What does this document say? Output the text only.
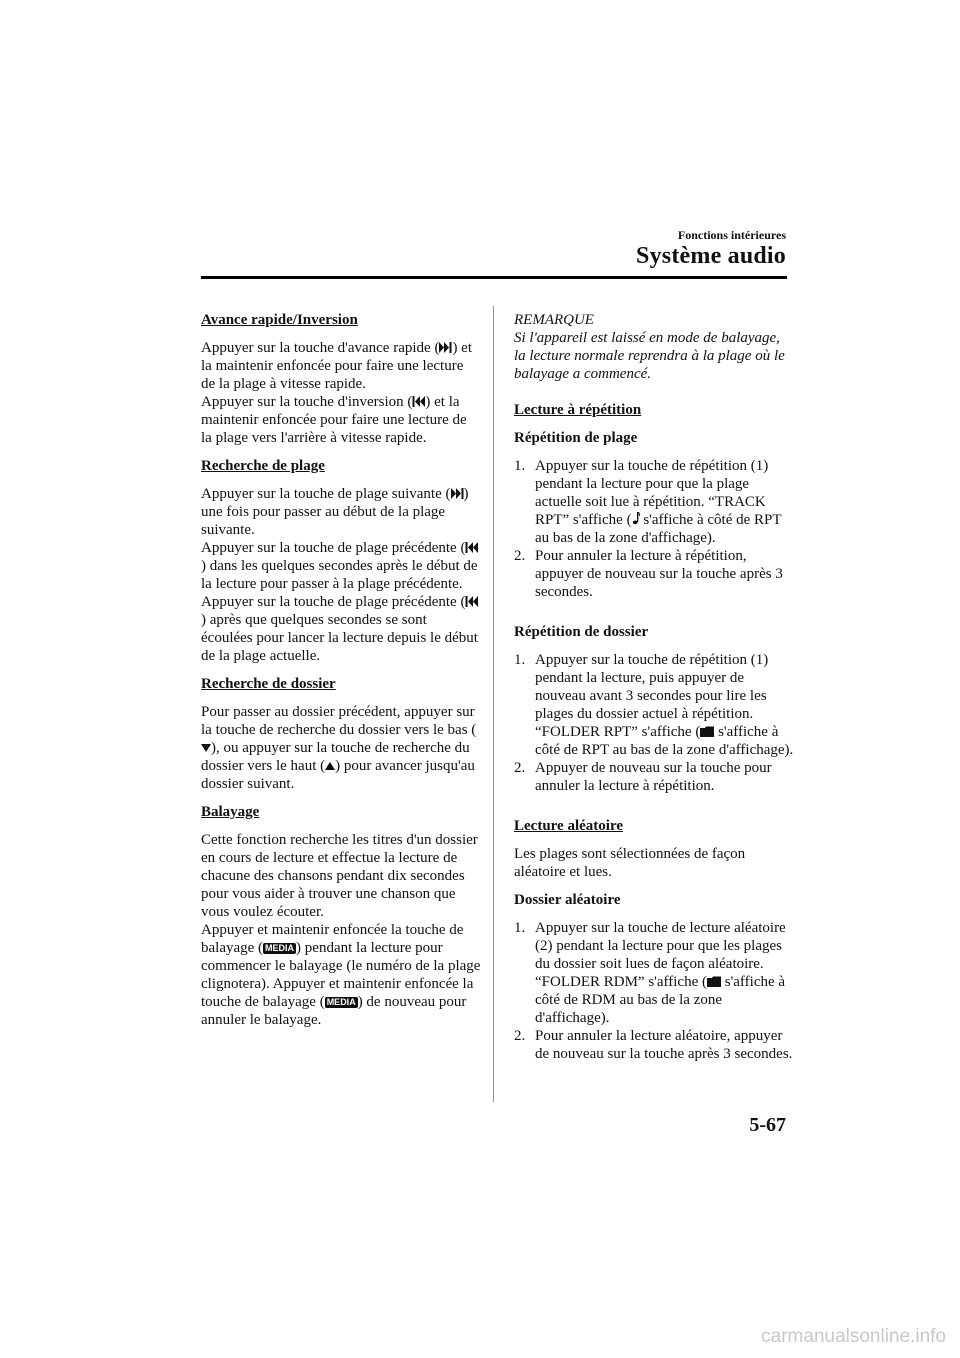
Fonctions intérieures
Système audio
Avance rapide/Inversion

Appuyer sur la touche d'avance rapide ( ) et la maintenir enfoncée pour faire une lecture de la plage à vitesse rapide.
Appuyer sur la touche d'inversion ( ) et la maintenir enfoncée pour faire une lecture de la plage vers l'arrière à vitesse rapide.

Recherche de plage

Appuyer sur la touche de plage suivante ( ) une fois pour passer au début de la plage suivante.
Appuyer sur la touche de plage précédente () dans les quelques secondes après le début de la lecture pour passer à la plage précédente.
Appuyer sur la touche de plage précédente () après que quelques secondes se sont écoulées pour lancer la lecture depuis le début de la plage actuelle.

Recherche de dossier

Pour passer au dossier précédent, appuyer sur la touche de recherche du dossier vers le bas (), ou appuyer sur la touche de recherche du dossier vers le haut ( ) pour avancer jusqu'au dossier suivant.

Balayage

Cette fonction recherche les titres d'un dossier en cours de lecture et effectue la lecture de chacune des chansons pendant dix secondes pour vous aider à trouver une chanson que vous voulez écouter.
Appuyer et maintenir enfoncée la touche de balayage ( MEDIA ) pendant la lecture pour commencer le balayage (le numéro de la plage clignotera). Appuyer et maintenir enfoncée la touche de balayage ( MEDIA ) de nouveau pour annuler le balayage.

REMARQUE

Si l'appareil est laissé en mode de balayage, la lecture normale reprendra à la plage où le balayage a commencé.

Lecture à répétition
Répétition de plage
1. Appuyer sur la touche de répétition (1) pendant la lecture pour que la plage actuelle soit lue à répétition. “TRACK RPT” s'affiche ( s'affiche à côté de RPT au bas de la zone d'affichage).
2. Pour annuler la lecture à répétition, appuyer de nouveau sur la touche après 3 secondes.
Répétition de dossier
1. Appuyer sur la touche de répétition (1) pendant la lecture, puis appuyer de nouveau avant 3 secondes pour lire les plages du dossier actuel à répétition. “FOLDER RPT” s'affiche ( s'affiche à côté de RPT au bas de la zone d'affichage).
2. Appuyer de nouveau sur la touche pour annuler la lecture à répétition.
Lecture aléatoire

Les plages sont sélectionnées de façon aléatoire et lues.

Dossier aléatoire
1. Appuyer sur la touche de lecture aléatoire (2) pendant la lecture pour que les plages du dossier soit lues de façon aléatoire. “FOLDER RDM” s'affiche ( s'affiche à côté de RDM au bas de la zone d'affichage).
2. Pour annuler la lecture aléatoire, appuyer de nouveau sur la touche après 3 secondes.
5-67
carmanualsonline.info
